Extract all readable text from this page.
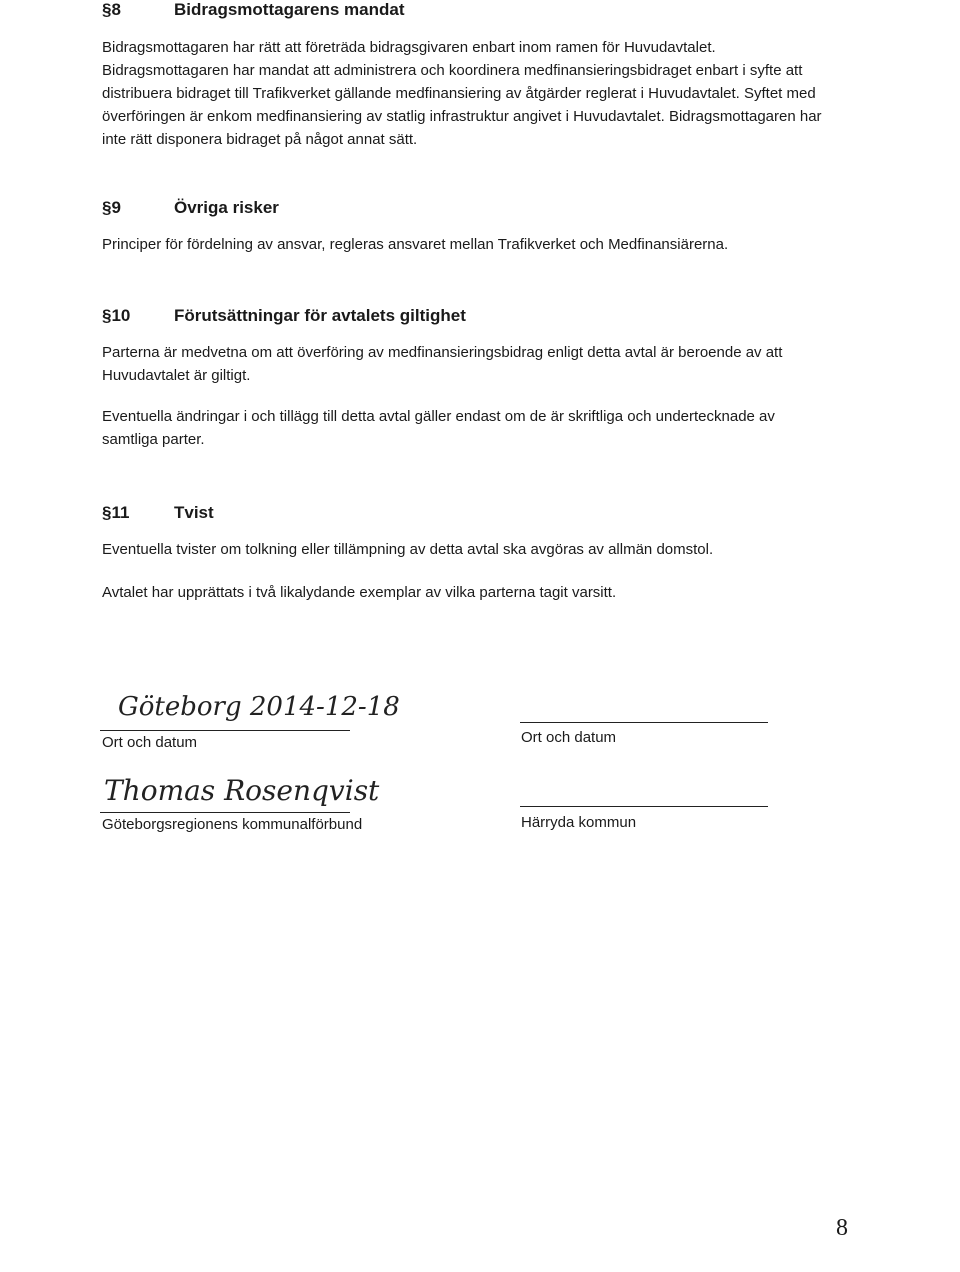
§8	Bidragsmottagarens mandat
Bidragsmottagaren har rätt att företräda bidragsgivaren enbart inom ramen för Huvudavtalet. Bidragsmottagaren har mandat att administrera och koordinera medfinansieringsbidraget enbart i syfte att distribuera bidraget till Trafikverket gällande medfinansiering av åtgärder reglerat i Huvudavtalet. Syftet med överföringen är enkom medfinansiering av statlig infrastruktur angivet i Huvudavtalet. Bidragsmottagaren har inte rätt disponera bidraget på något annat sätt.
§9	Övriga risker
Principer för fördelning av ansvar, regleras ansvaret mellan Trafikverket och Medfinansiärerna.
§10	Förutsättningar för avtalets giltighet
Parterna är medvetna om att överföring av medfinansieringsbidrag enligt detta avtal är beroende av att Huvudavtalet är giltigt.
Eventuella ändringar i och tillägg till detta avtal gäller endast om de är skriftliga och undertecknade av samtliga parter.
§11	Tvist
Eventuella tvister om tolkning eller tillämpning av detta avtal ska avgöras av allmän domstol.
Avtalet har upprättats i två likalydande exemplar av vilka parterna tagit varsitt.
Göteborg 2014-12-18
Ort och datum
Thomas Rosenqvist
Göteborgsregionens kommunalförbund
Ort och datum
Härryda kommun
8
